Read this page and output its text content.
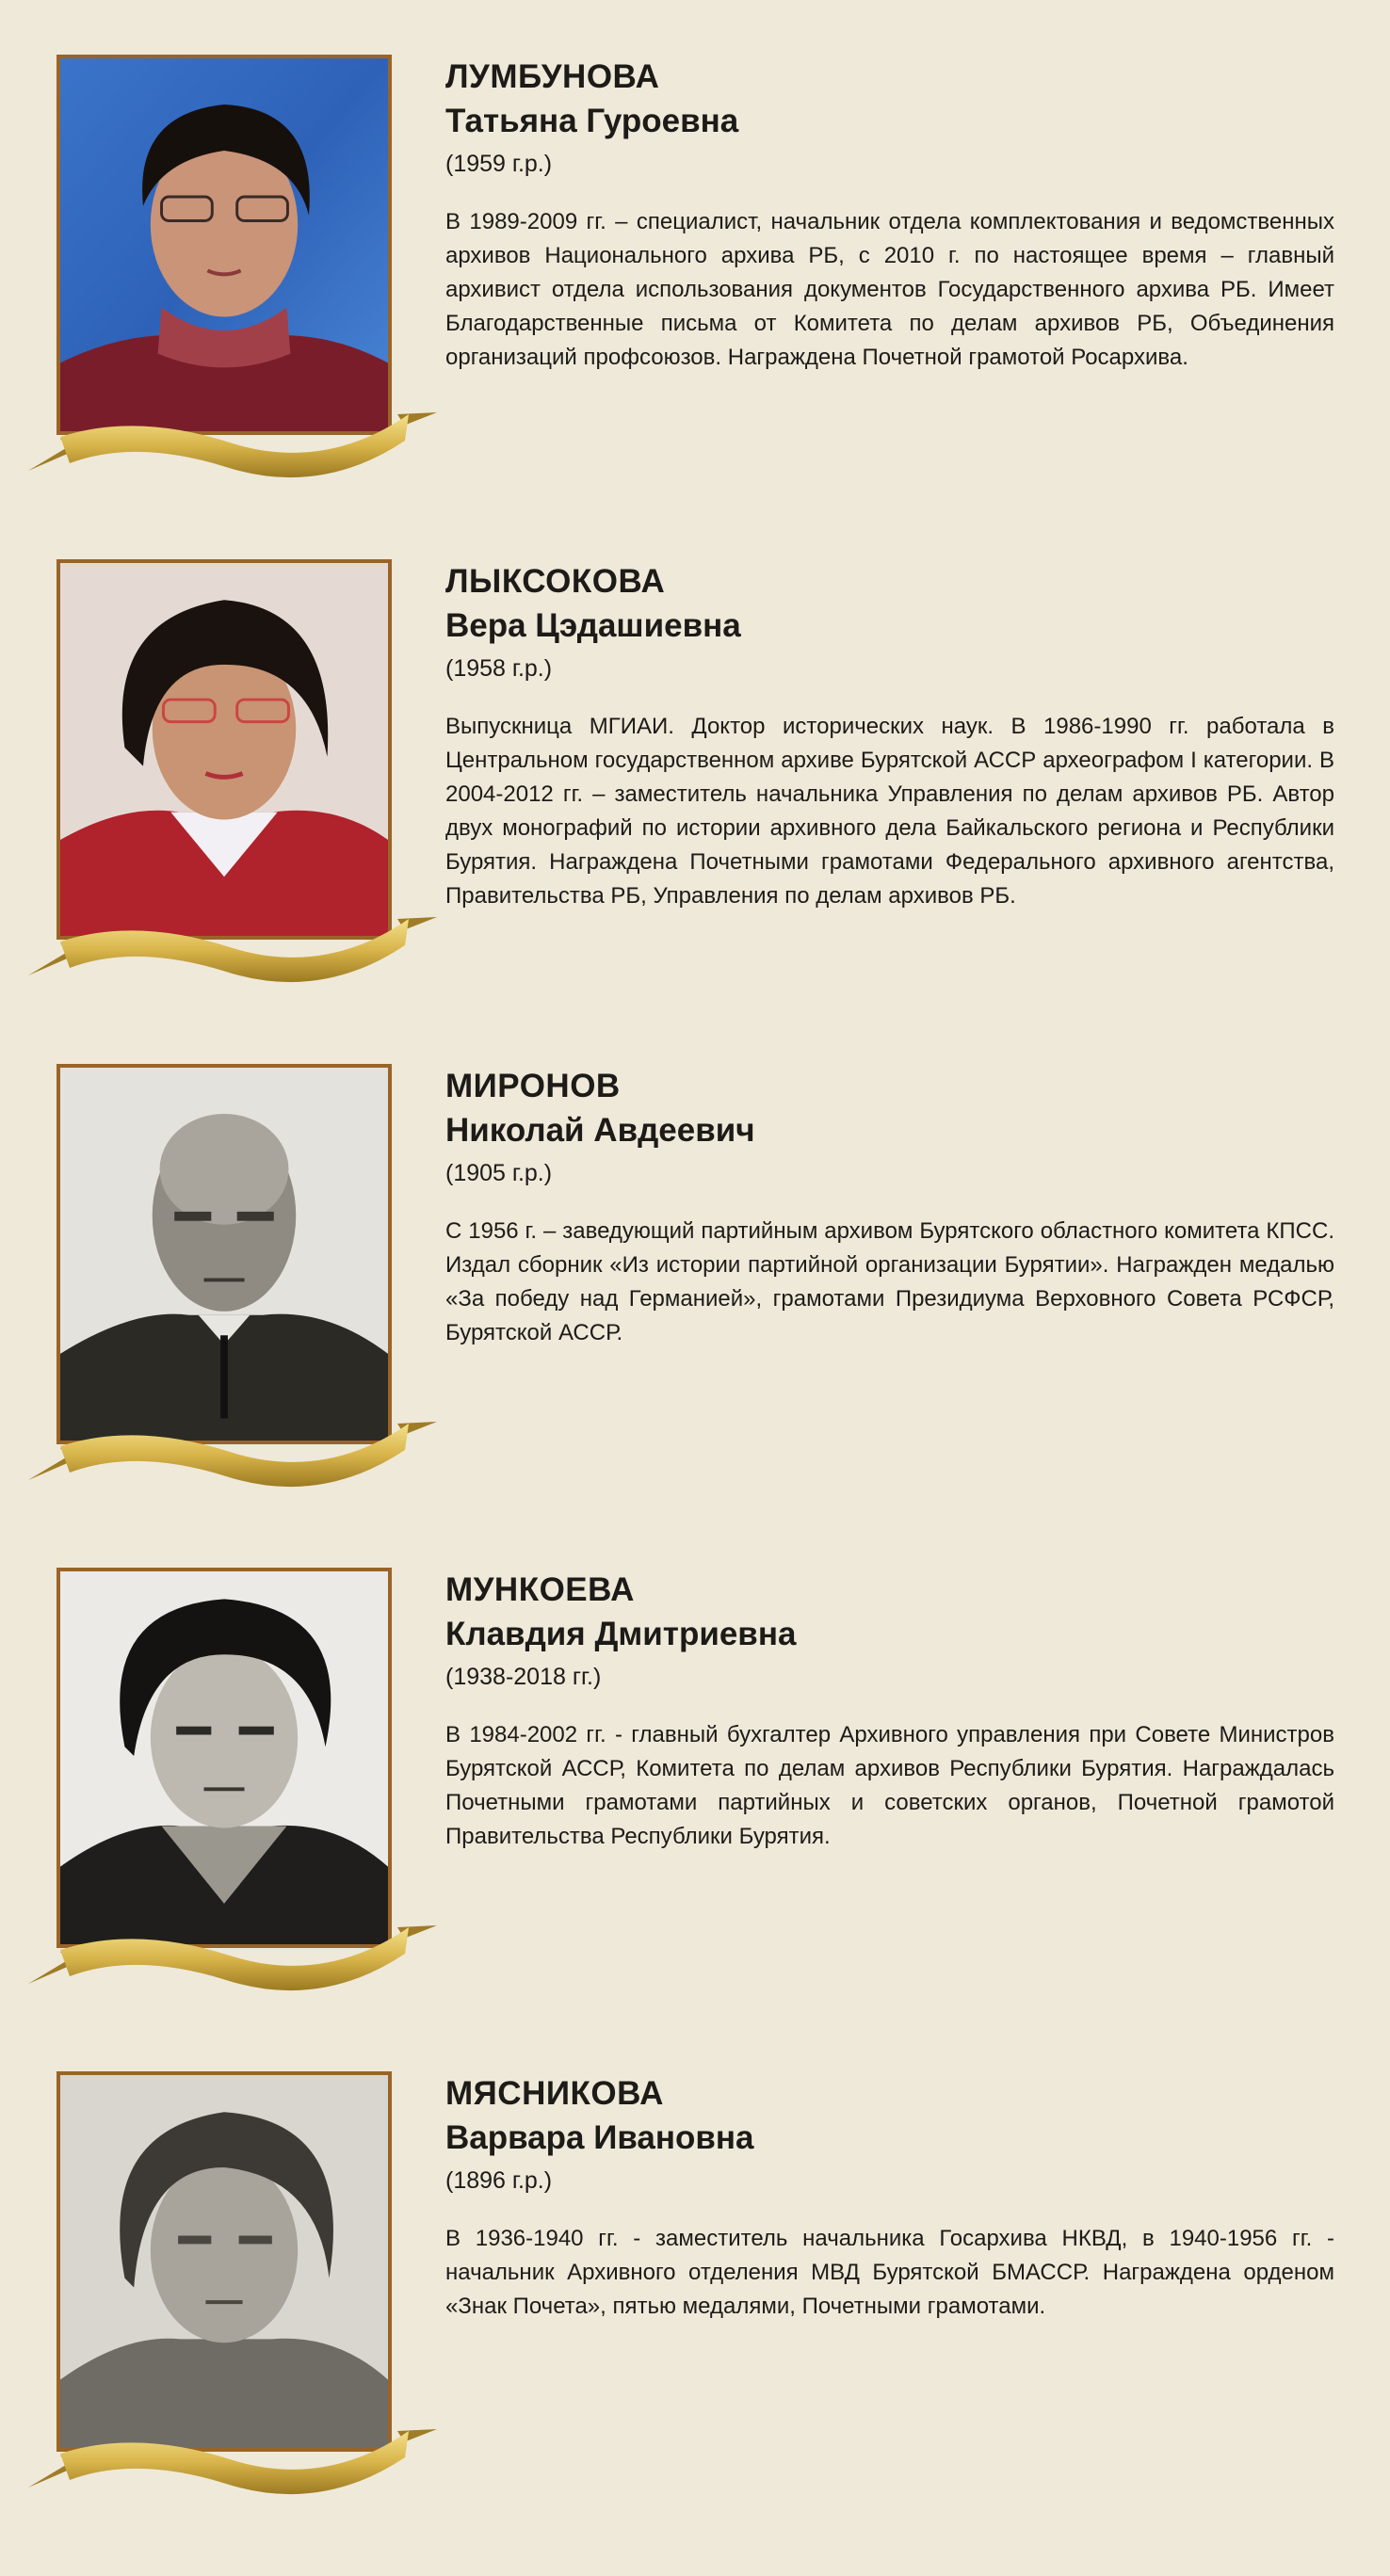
ЛУМБУНОВА
Татьяна Гуроевна
(1959 г.р.)
В 1989-2009 гг. – специалист, начальник отдела комплектования и ведомственных архивов Национального архива РБ, с 2010 г. по настоящее время – главный архивист отдела использования документов Государственного архива РБ. Имеет Благодарственные письма от Комитета по делам архивов РБ, Объединения организаций профсоюзов. Награждена Почетной грамотой Росархива.
ЛЫКСОКОВА
Вера Цэдашиевна
(1958 г.р.)
Выпускница МГИАИ. Доктор исторических наук. В 1986-1990 гг. работала в Центральном государственном архиве Бурятской АССР археографом I категории. В 2004-2012 гг. – заместитель начальника Управления по делам архивов РБ. Автор двух монографий по истории архивного дела Байкальского региона и Республики Бурятия. Награждена Почетными грамотами Федерального архивного агентства, Правительства РБ, Управления по делам архивов РБ.
МИРОНОВ
Николай Авдеевич
(1905 г.р.)
С 1956 г. – заведующий партийным архивом Бурятского областного комитета КПСС. Издал сборник «Из истории партийной организации Бурятии». Награжден медалью «За победу над Германией», грамотами Президиума Верховного Совета РСФСР, Бурятской АССР.
МУНКОЕВА
Клавдия Дмитриевна
(1938-2018 гг.)
В 1984-2002 гг. - главный бухгалтер Архивного управления при Совете Министров Бурятской АССР, Комитета по делам архивов Республики Бурятия. Награждалась Почетными грамотами партийных и советских органов, Почетной грамотой Правительства Республики Бурятия.
МЯСНИКОВА
Варвара Ивановна
(1896 г.р.)
В 1936-1940 гг. - заместитель начальника Госархива НКВД, в 1940-1956 гг. - начальник Архивного отделения МВД Бурятской БМАССР. Награждена орденом «Знак Почета», пятью медалями, Почетными грамотами.
